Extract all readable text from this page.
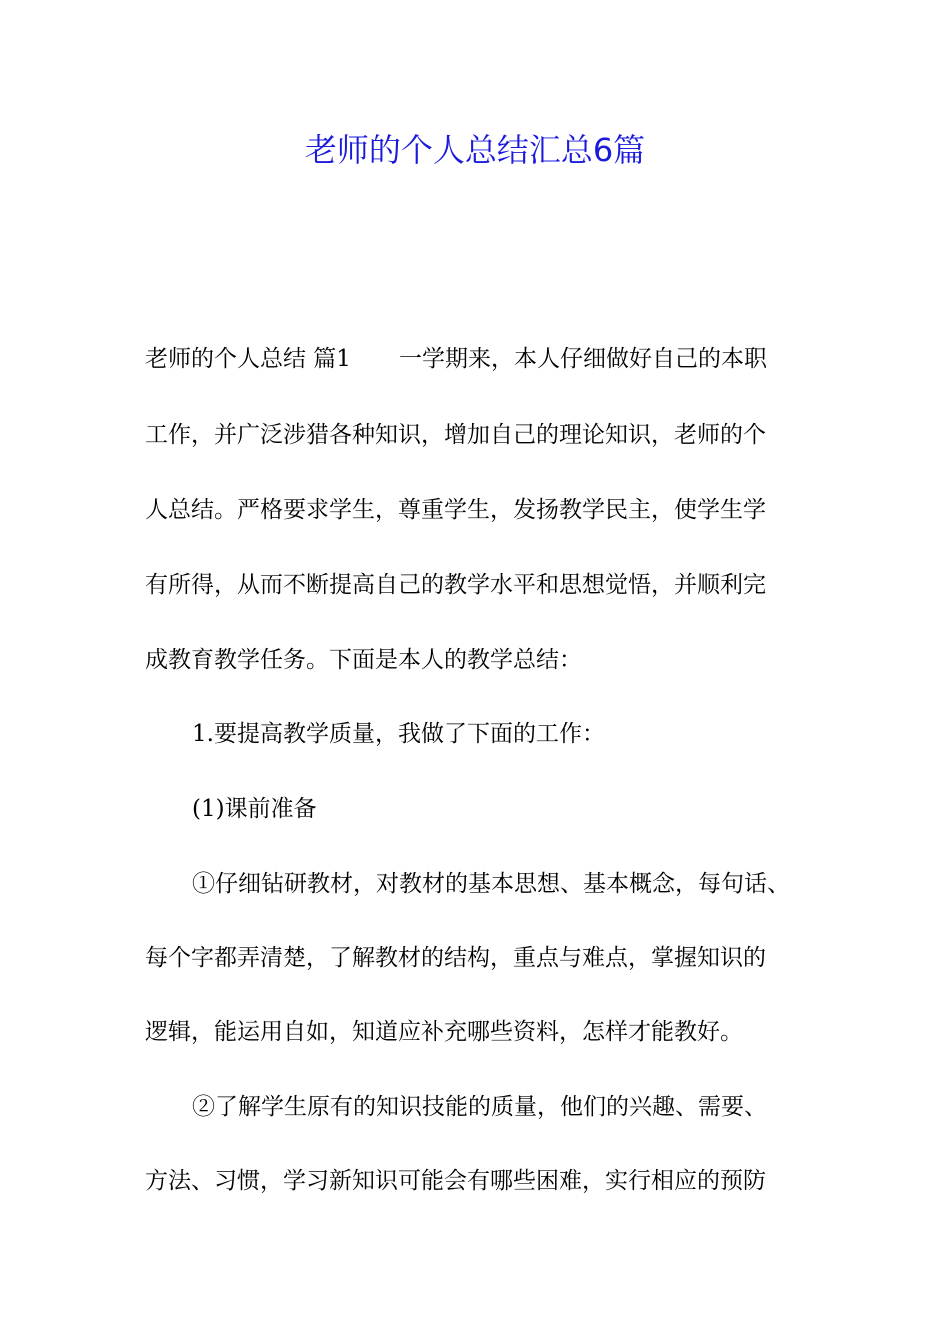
老师的个人总结汇总6篇

老师的个人总结 篇1 一学期来，本人仔细做好自己的本职

工作，并广泛涉猎各种知识，增加自己的理论知识，老师的个

人总结。严格要求学生，尊重学生，发扬教学民主，使学生学

有所得，从而不断提高自己的教学水平和思想觉悟，并顺利完

成教育教学任务。下面是本人的教学总结：

1.要提高教学质量，我做了下面的工作：

(1)课前准备

①仔细钻研教材，对教材的基本思想、基本概念，每句话、

每个字都弄清楚，了解教材的结构，重点与难点，掌握知识的

逻辑，能运用自如，知道应补充哪些资料，怎样才能教好。

②了解学生原有的知识技能的质量，他们的兴趣、需要、

方法、习惯，学习新知识可能会有哪些困难，实行相应的预防
